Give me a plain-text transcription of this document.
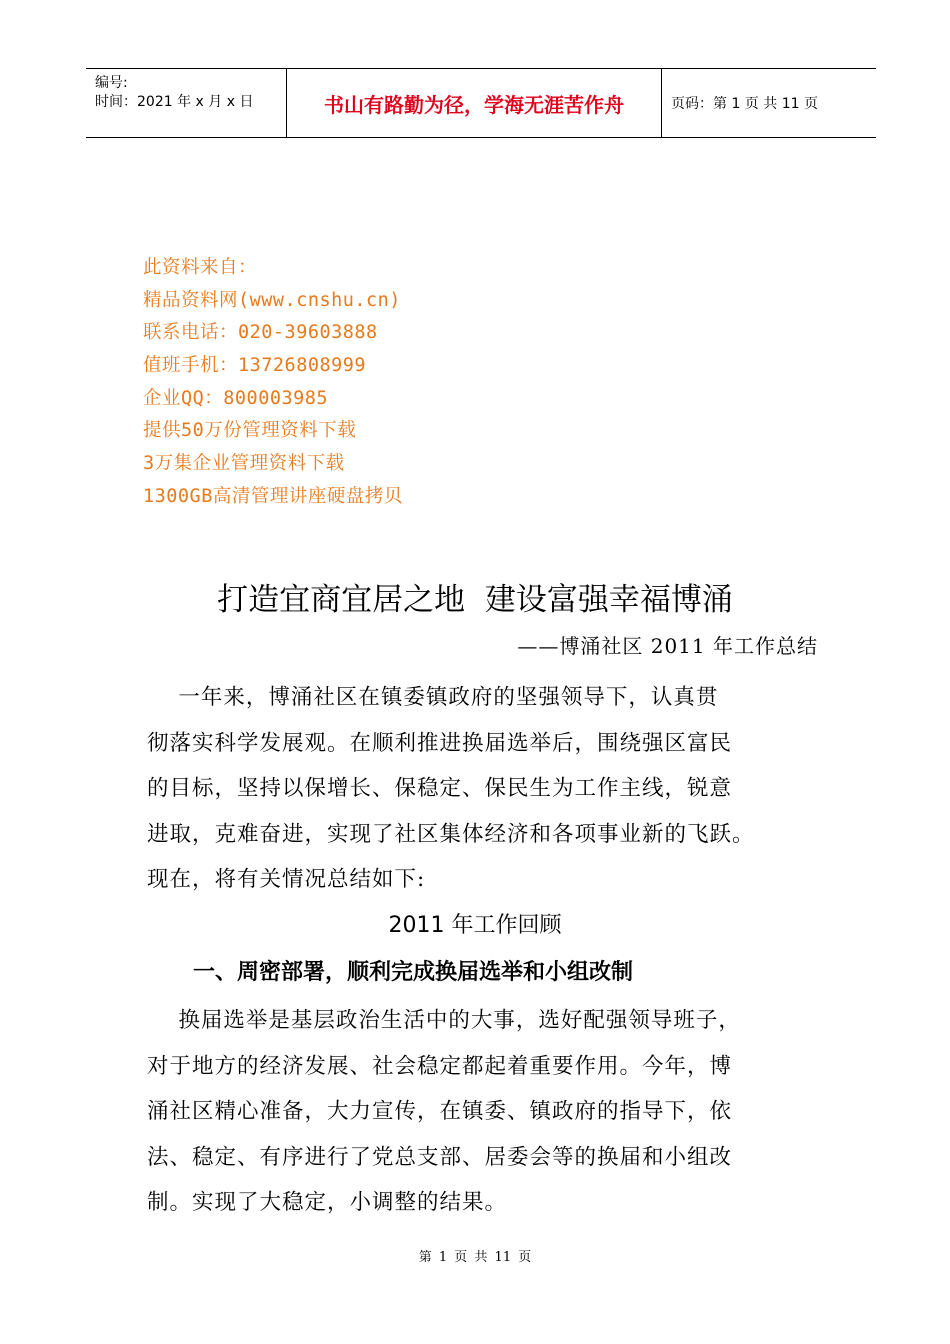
编号:
时间：2021 年 x 月 x 日	书山有路勤为径，学海无涯苦作舟	页码：第 1 页 共 11 页
此资料来自：
精品资料网(www.cnshu.cn)
联系电话：020-39603888
值班手机：13726808999
企业QQ：800003985
提供50万份管理资料下载
3万集企业管理资料下载
1300GB高清管理讲座硬盘拷贝
打造宜商宜居之地  建设富强幸福博涌
——博涌社区 2011 年工作总结
一年来，博涌社区在镇委镇政府的坚强领导下，认真贯
彻落实科学发展观。在顺利推进换届选举后，围绕强区富民
的目标，坚持以保增长、保稳定、保民生为工作主线，锐意
进取，克难奋进，实现了社区集体经济和各项事业新的飞跃。
现在，将有关情况总结如下:
2011 年工作回顾
一、周密部署，顺利完成换届选举和小组改制
换届选举是基层政治生活中的大事，选好配强领导班子，
对于地方的经济发展、社会稳定都起着重要作用。今年，博
涌社区精心准备，大力宣传，在镇委、镇政府的指导下，依
法、稳定、有序进行了党总支部、居委会等的换届和小组改
制。实现了大稳定，小调整的结果。
第 1 页 共 11 页
